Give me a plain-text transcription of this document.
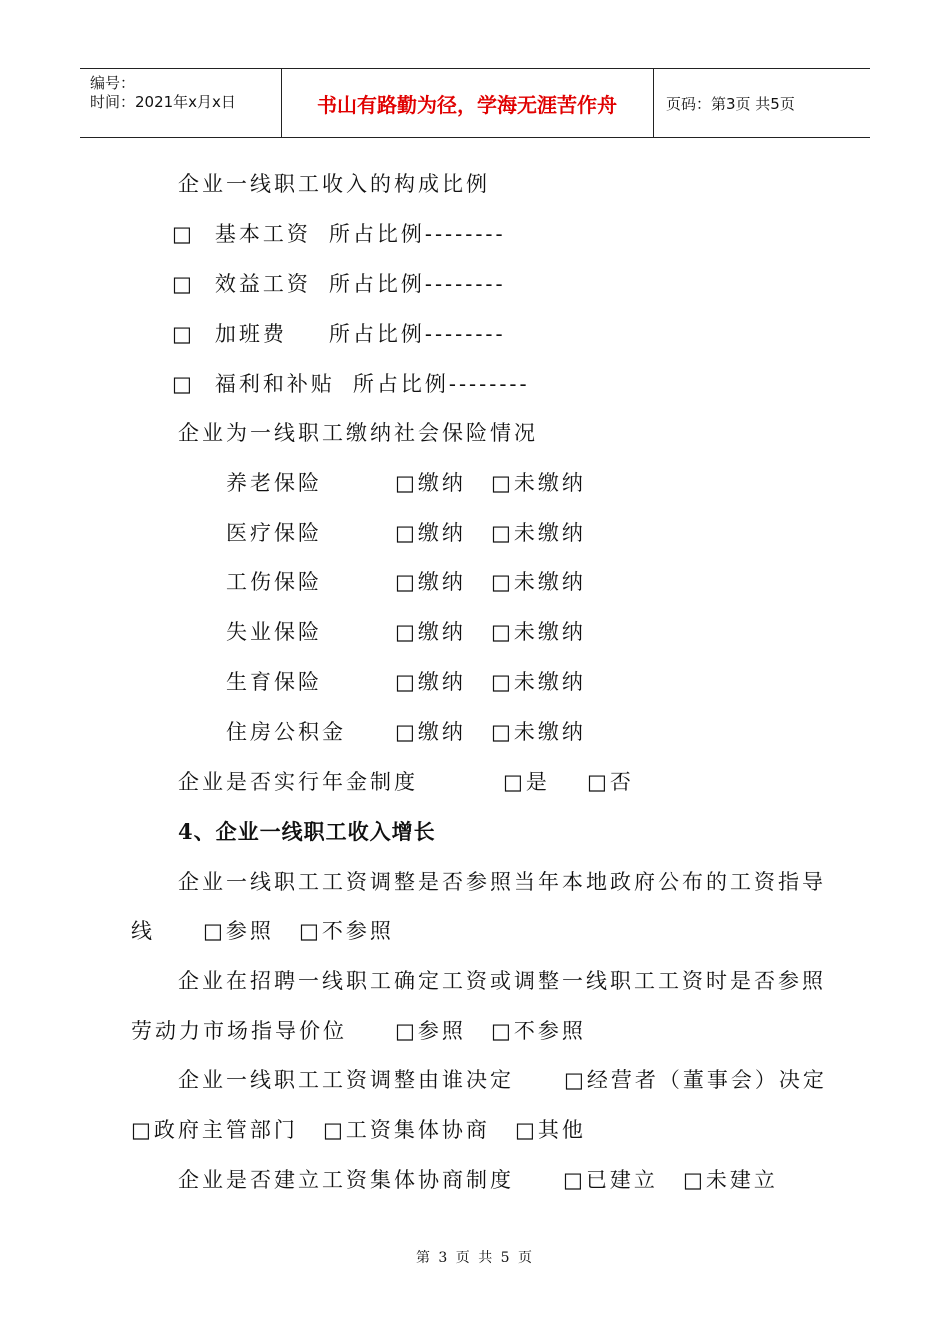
编号：
时间：2021年x月x日	书山有路勤为径，学海无涯苦作舟	页码：第3页 共5页
企业一线职工收入的构成比例
□ 基本工资 所占比例--------
□ 效益工资 所占比例--------
□ 加班费 所占比例--------
□ 福利和补贴 所占比例--------
企业为一线职工缴纳社会保险情况
养老保险	□缴纳 □未缴纳
医疗保险	□缴纳 □未缴纳
工伤保险	□缴纳 □未缴纳
失业保险	□缴纳 □未缴纳
生育保险	□缴纳 □未缴纳
住房公积金 □缴纳 □未缴纳
企业是否实行年金制度	□是 □否
4、企业一线职工收入增长
企业一线职工工资调整是否参照当年本地政府公布的工资指导
线 □参照 □不参照
企业在招聘一线职工确定工资或调整一线职工工资时是否参照
劳动力市场指导价位 □参照 □不参照
企业一线职工工资调整由谁决定 □经营者（董事会）决定
□政府主管部门 □工资集体协商 □其他
企业是否建立工资集体协商制度 □已建立 □未建立
第 3 页 共 5 页
